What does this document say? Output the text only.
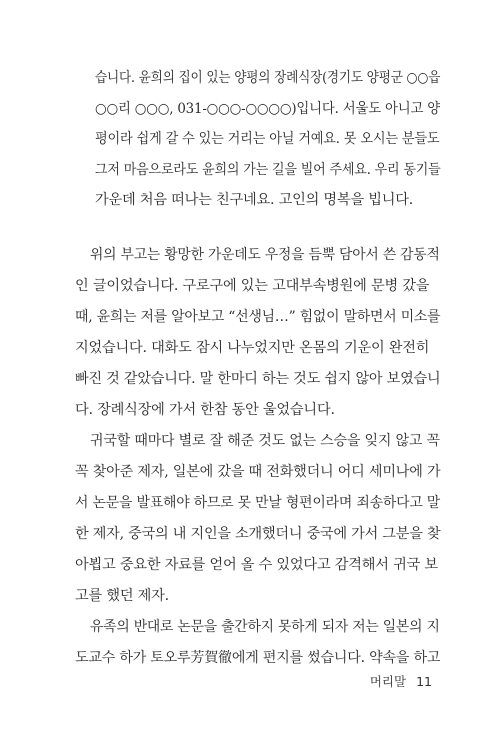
습니다. 윤희의 집이 있는 양평의 장례식장(경기도 양평군 ○○읍
○○리 ○○○, 031-○○○-○○○○)입니다. 서울도 아니고 양
평이라 쉽게 갈 수 있는 거리는 아닐 거예요. 못 오시는 분들도
그저 마음으로라도 윤희의 가는 길을 빌어 주세요. 우리 동기들
가운데 처음 떠나는 친구네요. 고인의 명복을 빕니다.
위의 부고는 황망한 가운데도 우정을 듬뿍 담아서 쓴 감동적
인 글이었습니다. 구로구에 있는 고대부속병원에 문병 갔을
때, 윤희는 저를 알아보고 “선생님…” 힘없이 말하면서 미소를
지었습니다. 대화도 잠시 나누었지만 온몸의 기운이 완전히
빠진 것 같았습니다. 말 한마디 하는 것도 쉽지 않아 보였습니
다. 장례식장에 가서 한참 동안 울었습니다.
귀국할 때마다 별로 잘 해준 것도 없는 스승을 잊지 않고 꼭
꼭 찾아준 제자, 일본에 갔을 때 전화했더니 어디 세미나에 가
서 논문을 발표해야 하므로 못 만날 형편이라며 죄송하다고 말
한 제자, 중국의 내 지인을 소개했더니 중국에 가서 그분을 찾
아뵙고 중요한 자료를 얻어 올 수 있었다고 감격해서 귀국 보
고를 했던 제자.
유족의 반대로 논문을 출간하지 못하게 되자 저는 일본의 지
도교수 하가 토오루芳賀徹에게 편지를 썼습니다. 약속을 하고
머리말 11
